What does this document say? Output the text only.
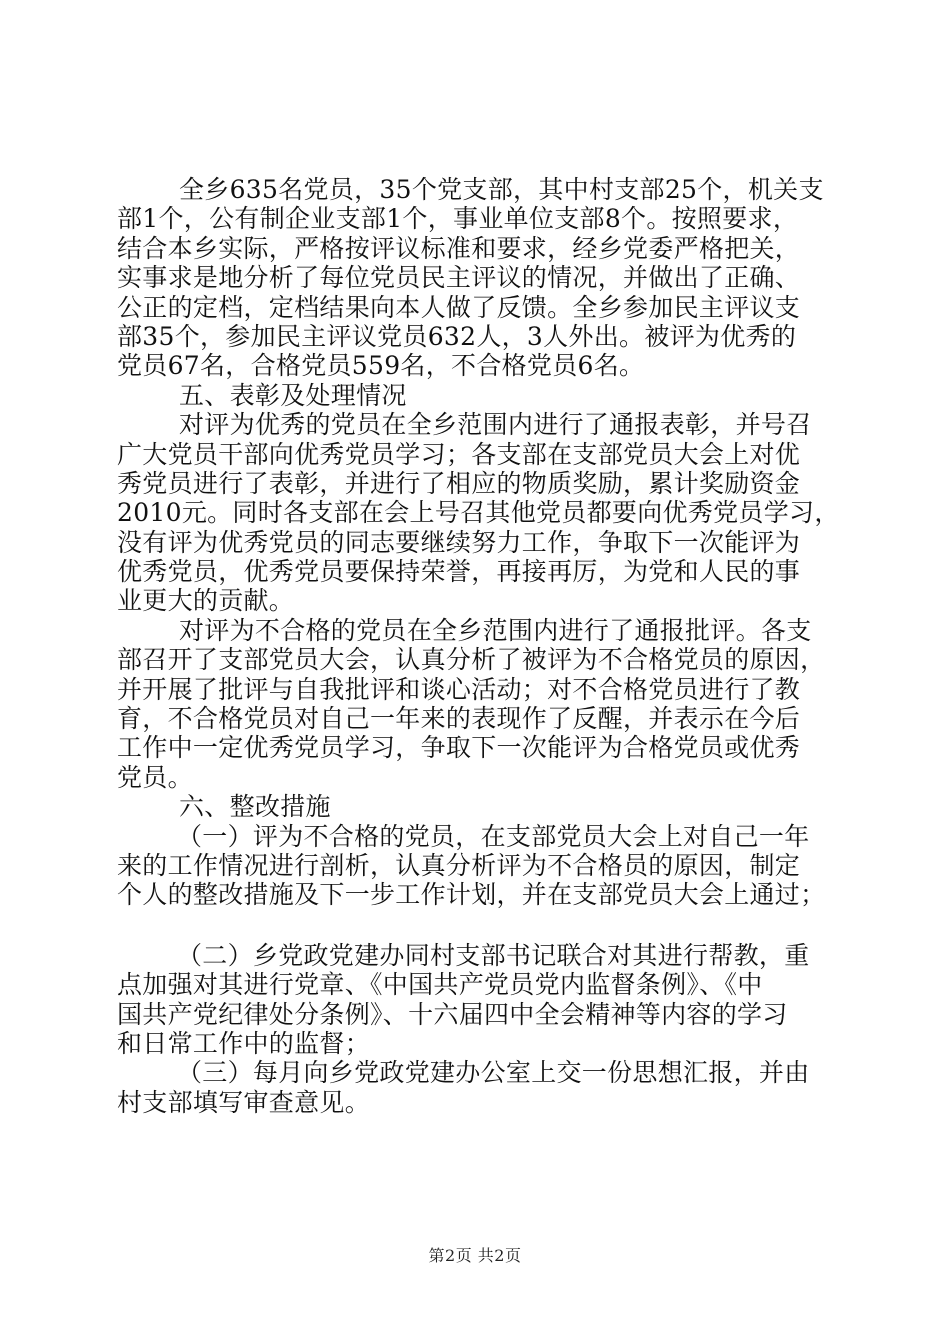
全乡635名党员，35个党支部，其中村支部25个，机关支
部1个，公有制企业支部1个，事业单位支部8个。按照要求，
结合本乡实际，严格按评议标准和要求，经乡党委严格把关，
实事求是地分析了每位党员民主评议的情况，并做出了正确、
公正的定档，定档结果向本人做了反馈。全乡参加民主评议支
部35个，参加民主评议党员632人，3人外出。被评为优秀的
党员67名，合格党员559名，不合格党员6名。
五、表彰及处理情况
对评为优秀的党员在全乡范围内进行了通报表彰，并号召
广大党员干部向优秀党员学习；各支部在支部党员大会上对优
秀党员进行了表彰，并进行了相应的物质奖励，累计奖励资金
2010元。同时各支部在会上号召其他党员都要向优秀党员学习，
没有评为优秀党员的同志要继续努力工作，争取下一次能评为
优秀党员，优秀党员要保持荣誉，再接再厉，为党和人民的事
业更大的贡献。
对评为不合格的党员在全乡范围内进行了通报批评。各支
部召开了支部党员大会，认真分析了被评为不合格党员的原因，
并开展了批评与自我批评和谈心活动；对不合格党员进行了教
育，不合格党员对自己一年来的表现作了反醒，并表示在今后
工作中一定优秀党员学习，争取下一次能评为合格党员或优秀
党员。
六、整改措施
（一）评为不合格的党员，在支部党员大会上对自己一年
来的工作情况进行剖析，认真分析评为不合格员的原因，制定
个人的整改措施及下一步工作计划，并在支部党员大会上通过；
（二）乡党政党建办同村支部书记联合对其进行帮教，重
点加强对其进行党章、《中国共产党员党内监督条例》、《中
国共产党纪律处分条例》、十六届四中全会精神等内容的学习
和日常工作中的监督；
（三）每月向乡党政党建办公室上交一份思想汇报，并由
村支部填写审查意见。
第2页 共2页
